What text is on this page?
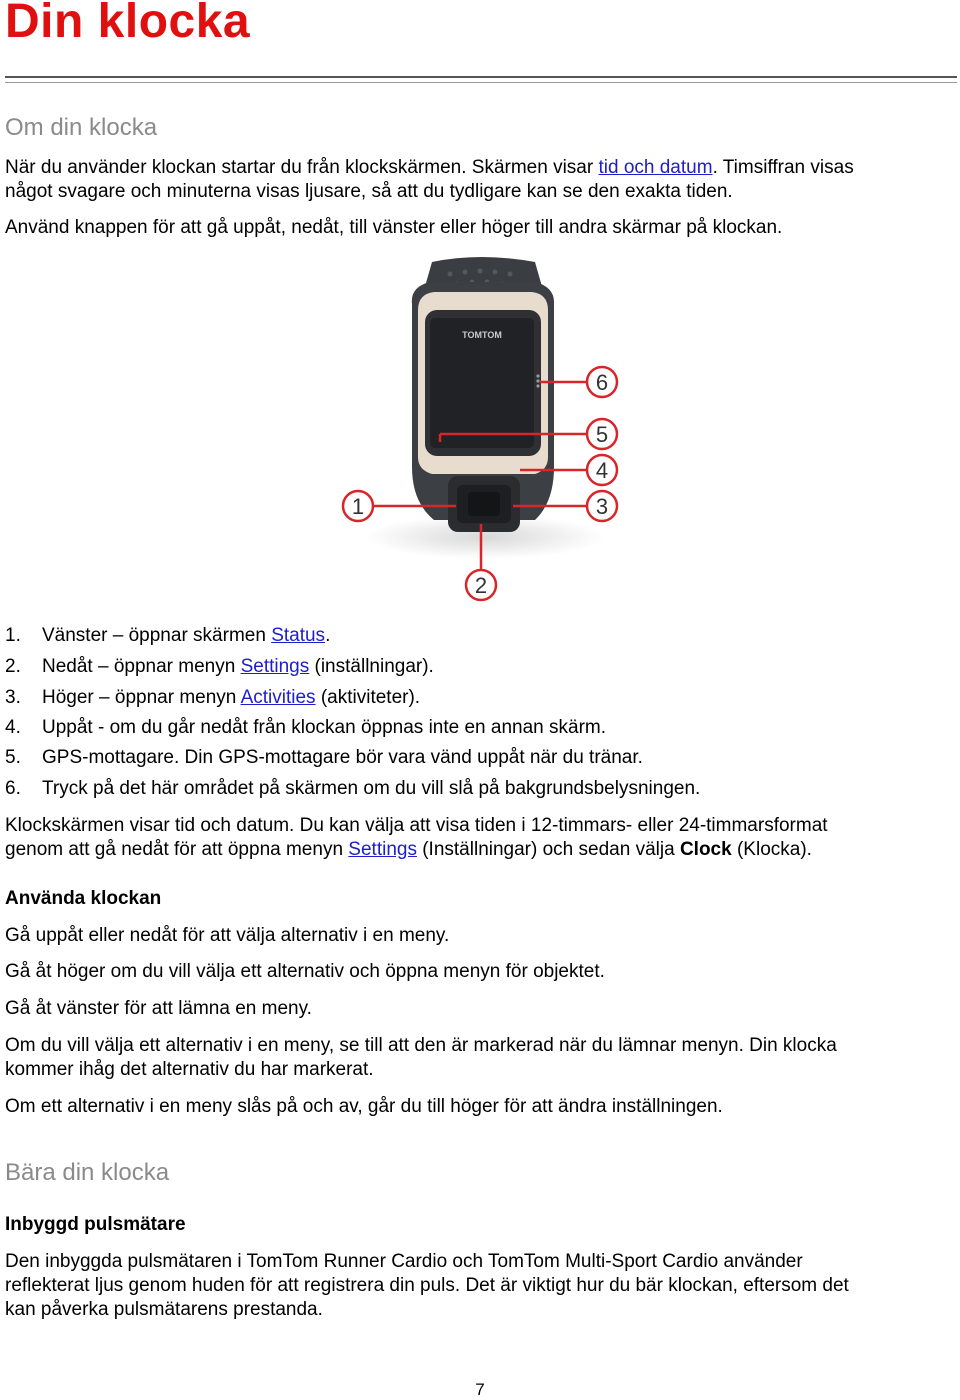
Din klocka
Om din klocka
När du använder klockan startar du från klockskärmen. Skärmen visar tid och datum. Timsiffran visas
något svagare och minuterna visas ljusare, så att du tydligare kan se den exakta tiden.
Använd knappen för att gå uppåt, nedåt, till vänster eller höger till andra skärmar på klockan.
TOMTOM
6
5
4
3
1
2
1. Vänster – öppnar skärmen Status.
2. Nedåt – öppnar menyn Settings (inställningar).
3. Höger – öppnar menyn Activities (aktiviteter).
4. Uppåt - om du går nedåt från klockan öppnas inte en annan skärm.
5. GPS-mottagare. Din GPS-mottagare bör vara vänd uppåt när du tränar.
6. Tryck på det här området på skärmen om du vill slå på bakgrundsbelysningen.
Klockskärmen visar tid och datum. Du kan välja att visa tiden i 12-timmars- eller 24-timmarsformat
genom att gå nedåt för att öppna menyn Settings (Inställningar) och sedan välja Clock (Klocka).
Använda klockan
Gå uppåt eller nedåt för att välja alternativ i en meny.
Gå åt höger om du vill välja ett alternativ och öppna menyn för objektet.
Gå åt vänster för att lämna en meny.
Om du vill välja ett alternativ i en meny, se till att den är markerad när du lämnar menyn. Din klocka
kommer ihåg det alternativ du har markerat.
Om ett alternativ i en meny slås på och av, går du till höger för att ändra inställningen.
Bära din klocka
Inbyggd pulsmätare
Den inbyggda pulsmätaren i TomTom Runner Cardio och TomTom Multi-Sport Cardio använder
reflekterat ljus genom huden för att registrera din puls. Det är viktigt hur du bär klockan, eftersom det
kan påverka pulsmätarens prestanda.
7
